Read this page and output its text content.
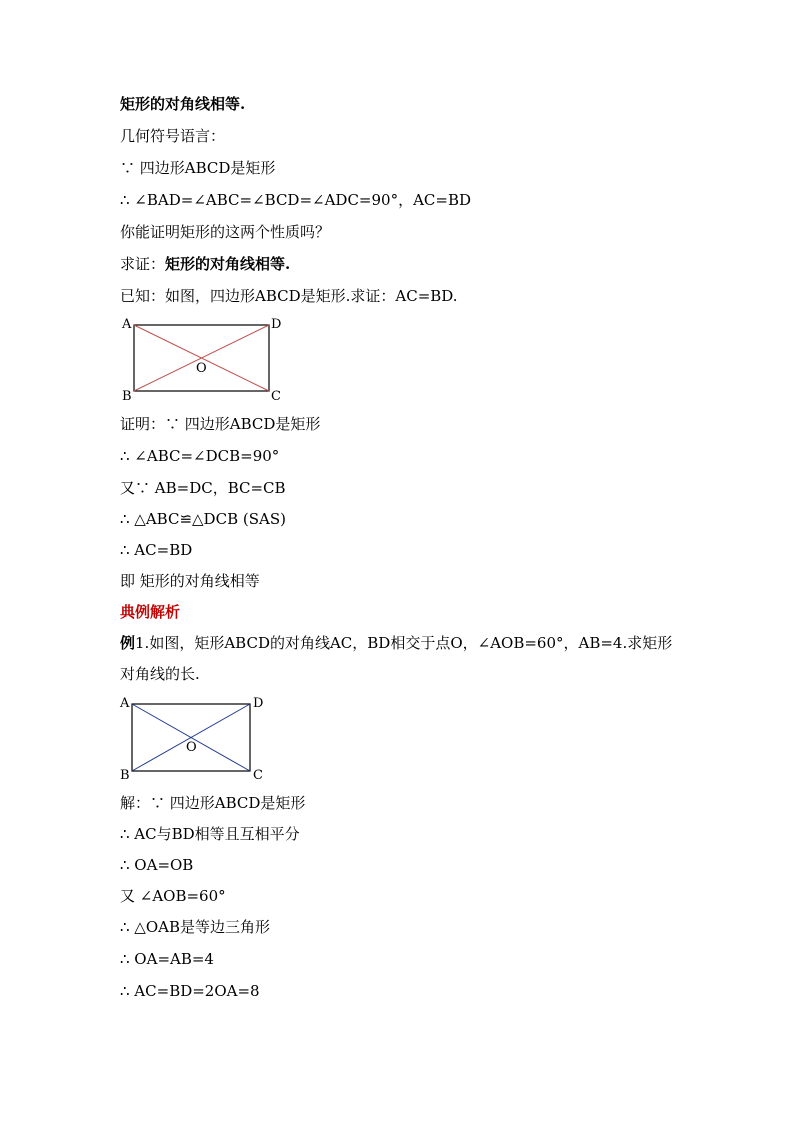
矩形的对角线相等.
几何符号语言：
∵ 四边形ABCD是矩形
∴ ∠BAD=∠ABC=∠BCD=∠ADC=90°，AC=BD
你能证明矩形的这两个性质吗？
求证：矩形的对角线相等.
已知：如图，四边形ABCD是矩形.求证：AC=BD.
A	D
B	C
O
证明：∵ 四边形ABCD是矩形
∴ ∠ABC=∠DCB=90°
又∵ AB=DC，BC=CB
∴ △ABC≌△DCB (SAS)
∴ AC=BD
即 矩形的对角线相等
典例解析
例1.如图，矩形ABCD的对角线AC，BD相交于点O，∠AOB=60°，AB=4.求矩形
对角线的长.
A	D
B	C
O
解：∵ 四边形ABCD是矩形
∴ AC与BD相等且互相平分
∴ OA=OB
又 ∠AOB=60°
∴ △OAB是等边三角形
∴ OA=AB=4
∴ AC=BD=2OA=8
